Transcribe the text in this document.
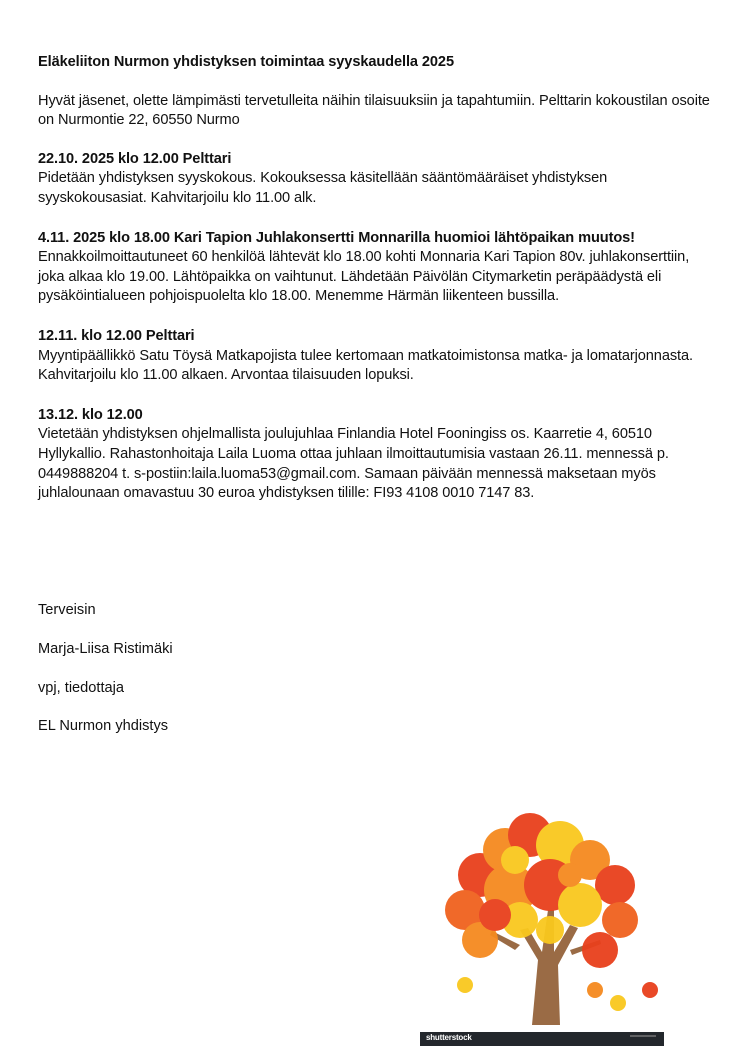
Eläkeliiton Nurmon yhdistyksen toimintaa syyskaudella 2025
Hyvät jäsenet, olette lämpimästi tervetulleita näihin tilaisuuksiin ja tapahtumiin. Pelttarin kokoustilan osoite on Nurmontie 22, 60550 Nurmo
22.10. 2025 klo 12.00 Pelttari
Pidetään yhdistyksen syyskokous. Kokouksessa käsitellään sääntömääräiset yhdistyksen syyskokousasiat. Kahvitarjoilu klo 11.00 alk.
4.11. 2025 klo 18.00 Kari Tapion Juhlakonsertti Monnarilla huomioi lähtöpaikan muutos!
Ennakkoilmoittautuneet 60 henkilöä lähtevät klo 18.00 kohti Monnaria Kari Tapion 80v. juhlakonserttiin, joka alkaa klo 19.00. Lähtöpaikka on vaihtunut. Lähdetään Päivölän Citymarketin peräpäädystä eli pysäköintialueen pohjoispuolelta klo 18.00. Menemme Härmän liikenteen bussilla.
12.11. klo 12.00 Pelttari
Myyntipäällikkö Satu Töysä Matkapojista tulee kertomaan matkatoimistonsa matka- ja lomatarjonnasta. Kahvitarjoilu klo 11.00 alkaen. Arvontaa tilaisuuden lopuksi.
13.12. klo 12.00
Vietetään yhdistyksen ohjelmallista joulujuhlaa Finlandia Hotel Fooningiss os. Kaarretie 4, 60510 Hyllykallio. Rahastonhoitaja Laila Luoma ottaa juhlaan ilmoittautumisia vastaan 26.11. mennessä p. 0449888204 t. s-postiin:laila.luoma53@gmail.com. Samaan päivään mennessä maksetaan myös juhlalounaan omavastuu 30 euroa yhdistyksen tilille: FI93 4108 0010 7147 83.
Terveisin
Marja-Liisa Ristimäki
vpj, tiedottaja
EL Nurmon yhdistys
shutterstock
